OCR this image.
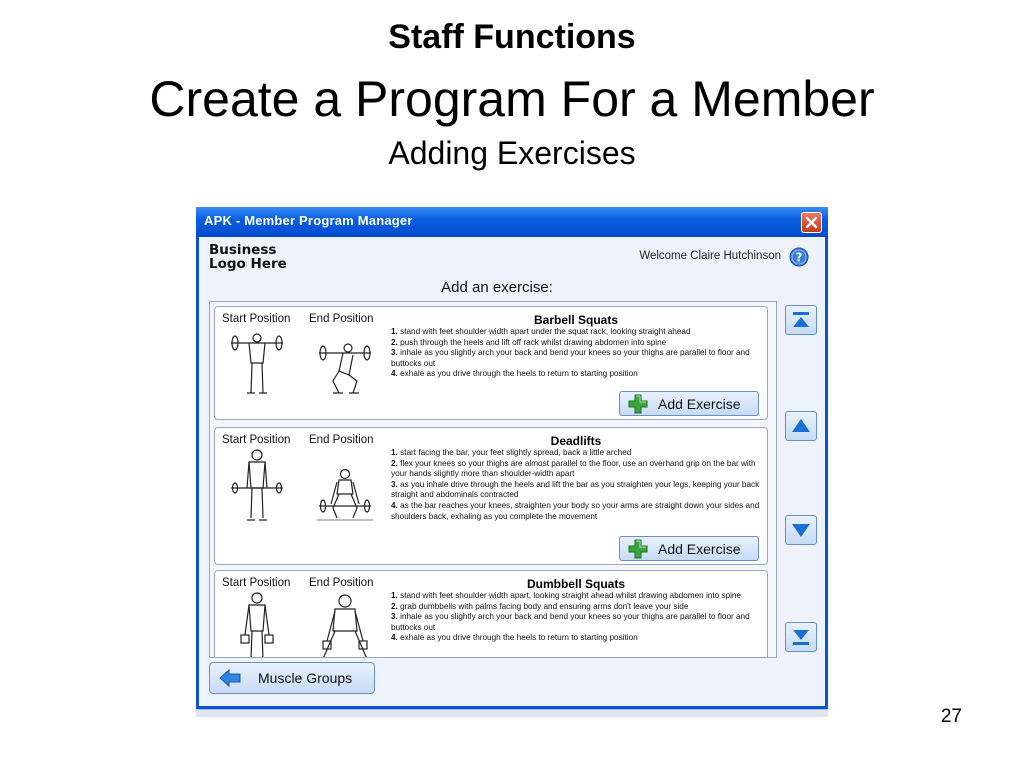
Staff Functions
Create a Program For a Member
Adding Exercises
APK - Member Program Manager
Business
Logo Here	Welcome Claire Hutchinson ?
Add an exercise:
Start Position End Position	Barbell Squats
1. stand with feet shoulder width apart under the squat rack, looking straight ahead
2. push through the heels and lift off rack whilst drawing abdomen into spine
3. inhale as you slightly arch your back and bend your knees so your thighs are parallel to floor and buttocks out
4. exhale as you drive through the heels to return to starting position
Add Exercise
Start Position End Position	Deadlifts
1. start facing the bar, your feet slightly spread, back a little arched
2. flex your knees so your thighs are almost parallel to the floor, use an overhand grip on the bar with your hands slightly more than shoulder-width apart
3. as you inhale drive through the heels and lift the bar as you straighten your legs, keeping your back straight and abdominals contracted
4. as the bar reaches your knees, straighten your body so your arms are straight down your sides and shoulders back, exhaling as you complete the movement
Add Exercise
Start Position End Position	Dumbbell Squats
1. stand with feet shoulder width apart, looking straight ahead whilst drawing abdomen into spine
2. grab dumbbells with palms facing body and ensuring arms don't leave your side
3. inhale as you slightly arch your back and bend your knees so your thighs are parallel to floor and buttocks out
4. exhale as you drive through the heels to return to starting position
Muscle Groups
27
